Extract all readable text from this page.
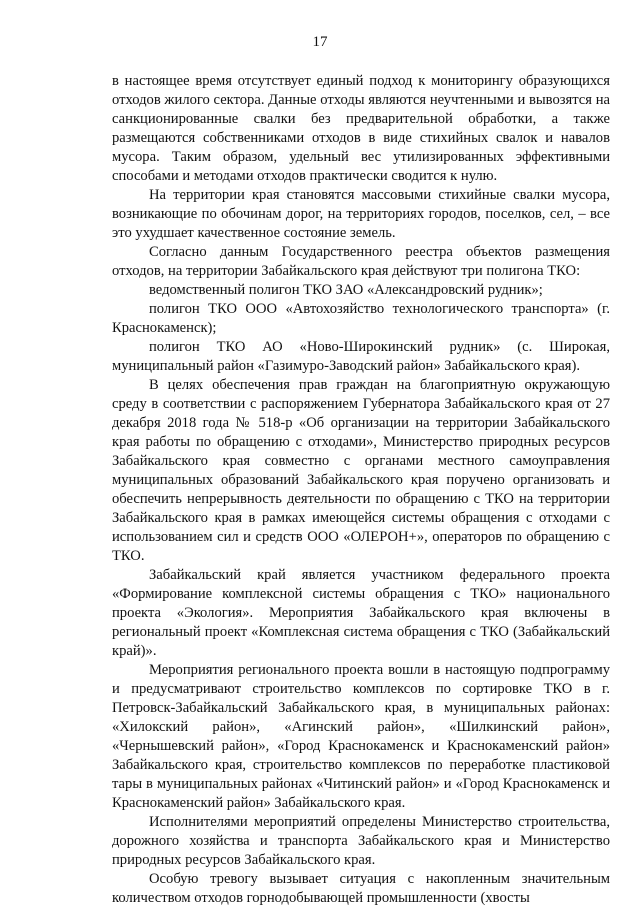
17

в настоящее время отсутствует единый подход к мониторингу образующихся отходов жилого сектора. Данные отходы являются неучтенными и вывозятся на санкционированные свалки без предварительной обработки, а также размещаются собственниками отходов в виде стихийных свалок и навалов мусора. Таким образом, удельный вес утилизированных эффективными способами и методами отходов практически сводится к нулю.

На территории края становятся массовыми стихийные свалки мусора, возникающие по обочинам дорог, на территориях городов, поселков, сел, – все это ухудшает качественное состояние земель.

Согласно данным Государственного реестра объектов размещения отходов, на территории Забайкальского края действуют три полигона ТКО:

ведомственный полигон ТКО ЗАО «Александровский рудник»;

полигон ТКО ООО «Автохозяйство технологического транспорта» (г. Краснокаменск);

полигон ТКО АО «Ново-Широкинский рудник» (с. Широкая, муниципальный район «Газимуро-Заводский район» Забайкальского края).

В целях обеспечения прав граждан на благоприятную окружающую среду в соответствии с распоряжением Губернатора Забайкальского края от 27 декабря 2018 года № 518-р «Об организации на территории Забайкальского края работы по обращению с отходами», Министерство природных ресурсов Забайкальского края совместно с органами местного самоуправления муниципальных образований Забайкальского края поручено организовать и обеспечить непрерывность деятельности по обращению с ТКО на территории Забайкальского края в рамках имеющейся системы обращения с отходами с использованием сил и средств ООО «ОЛЕРОН+», операторов по обращению с ТКО.

Забайкальский край является участником федерального проекта «Формирование комплексной системы обращения с ТКО» национального проекта «Экология». Мероприятия Забайкальского края включены в региональный проект «Комплексная система обращения с ТКО (Забайкальский край)».

Мероприятия регионального проекта вошли в настоящую подпрограмму и предусматривают строительство комплексов по сортировке ТКО в г. Петровск-Забайкальский Забайкальского края, в муниципальных районах: «Хилокский район», «Агинский район», «Шилкинский район», «Чернышевский район», «Город Краснокаменск и Краснокаменский район» Забайкальского края, строительство комплексов по переработке пластиковой тары в муниципальных районах «Читинский район» и «Город Краснокаменск и Краснокаменский район» Забайкальского края.

Исполнителями мероприятий определены Министерство строительства, дорожного хозяйства и транспорта Забайкальского края и Министерство природных ресурсов Забайкальского края.

Особую тревогу вызывает ситуация с накопленным значительным количеством отходов горнодобывающей промышленности (хвосты
